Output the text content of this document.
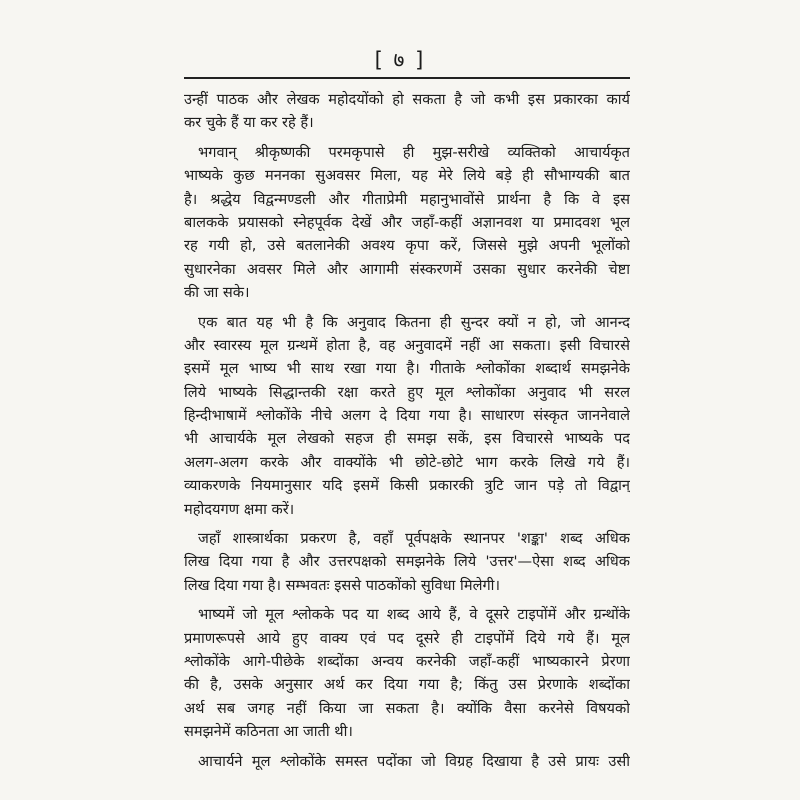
[ ७ ]
उन्हीं पाठक और लेखक महोदयोंको हो सकता है जो कभी इस प्रकारका कार्य
कर चुके हैं या कर रहे हैं।
भगवान् श्रीकृष्णकी परमकृपासे ही मुझ-सरीखे व्यक्तिको आचार्यकृत
भाष्यके कुछ मननका सुअवसर मिला, यह मेरे लिये बड़े ही सौभाग्यकी बात
है। श्रद्धेय विद्वन्मण्डली और गीताप्रेमी महानुभावोंसे प्रार्थना है कि वे इस
बालकके प्रयासको स्नेहपूर्वक देखें और जहाँ-कहीं अज्ञानवश या प्रमादवश भूल
रह गयी हो, उसे बतलानेकी अवश्य कृपा करें, जिससे मुझे अपनी भूलोंको
सुधारनेका अवसर मिले और आगामी संस्करणमें उसका सुधार करनेकी चेष्टा
की जा सके।
एक बात यह भी है कि अनुवाद कितना ही सुन्दर क्यों न हो, जो आनन्द
और स्वारस्य मूल ग्रन्थमें होता है, वह अनुवादमें नहीं आ सकता। इसी विचारसे
इसमें मूल भाष्य भी साथ रखा गया है। गीताके श्लोकोंका शब्दार्थ समझनेके
लिये भाष्यके सिद्धान्तकी रक्षा करते हुए मूल श्लोकोंका अनुवाद भी सरल
हिन्दीभाषामें श्लोकोंके नीचे अलग दे दिया गया है। साधारण संस्कृत जाननेवाले
भी आचार्यके मूल लेखको सहज ही समझ सकें, इस विचारसे भाष्यके पद
अलग-अलग करके और वाक्योंके भी छोटे-छोटे भाग करके लिखे गये हैं।
व्याकरणके नियमानुसार यदि इसमें किसी प्रकारकी त्रुटि जान पड़े तो विद्वान्
महोदयगण क्षमा करें।
जहाँ शास्त्रार्थका प्रकरण है, वहाँ पूर्वपक्षके स्थानपर 'शङ्का' शब्द अधिक
लिख दिया गया है और उत्तरपक्षको समझनेके लिये 'उत्तर'—ऐसा शब्द अधिक
लिख दिया गया है। सम्भवतः इससे पाठकोंको सुविधा मिलेगी।
भाष्यमें जो मूल श्लोकके पद या शब्द आये हैं, वे दूसरे टाइपोंमें और ग्रन्थोंके
प्रमाणरूपसे आये हुए वाक्य एवं पद दूसरे ही टाइपोंमें दिये गये हैं। मूल
श्लोकोंके आगे-पीछेके शब्दोंका अन्वय करनेकी जहाँ-कहीं भाष्यकारने प्रेरणा
की है, उसके अनुसार अर्थ कर दिया गया है; किंतु उस प्रेरणाके शब्दोंका
अर्थ सब जगह नहीं किया जा सकता है। क्योंकि वैसा करनेसे विषयको
समझनेमें कठिनता आ जाती थी।
आचार्यने मूल श्लोकोंके समस्त पदोंका जो विग्रह दिखाया है उसे प्रायः उसी
